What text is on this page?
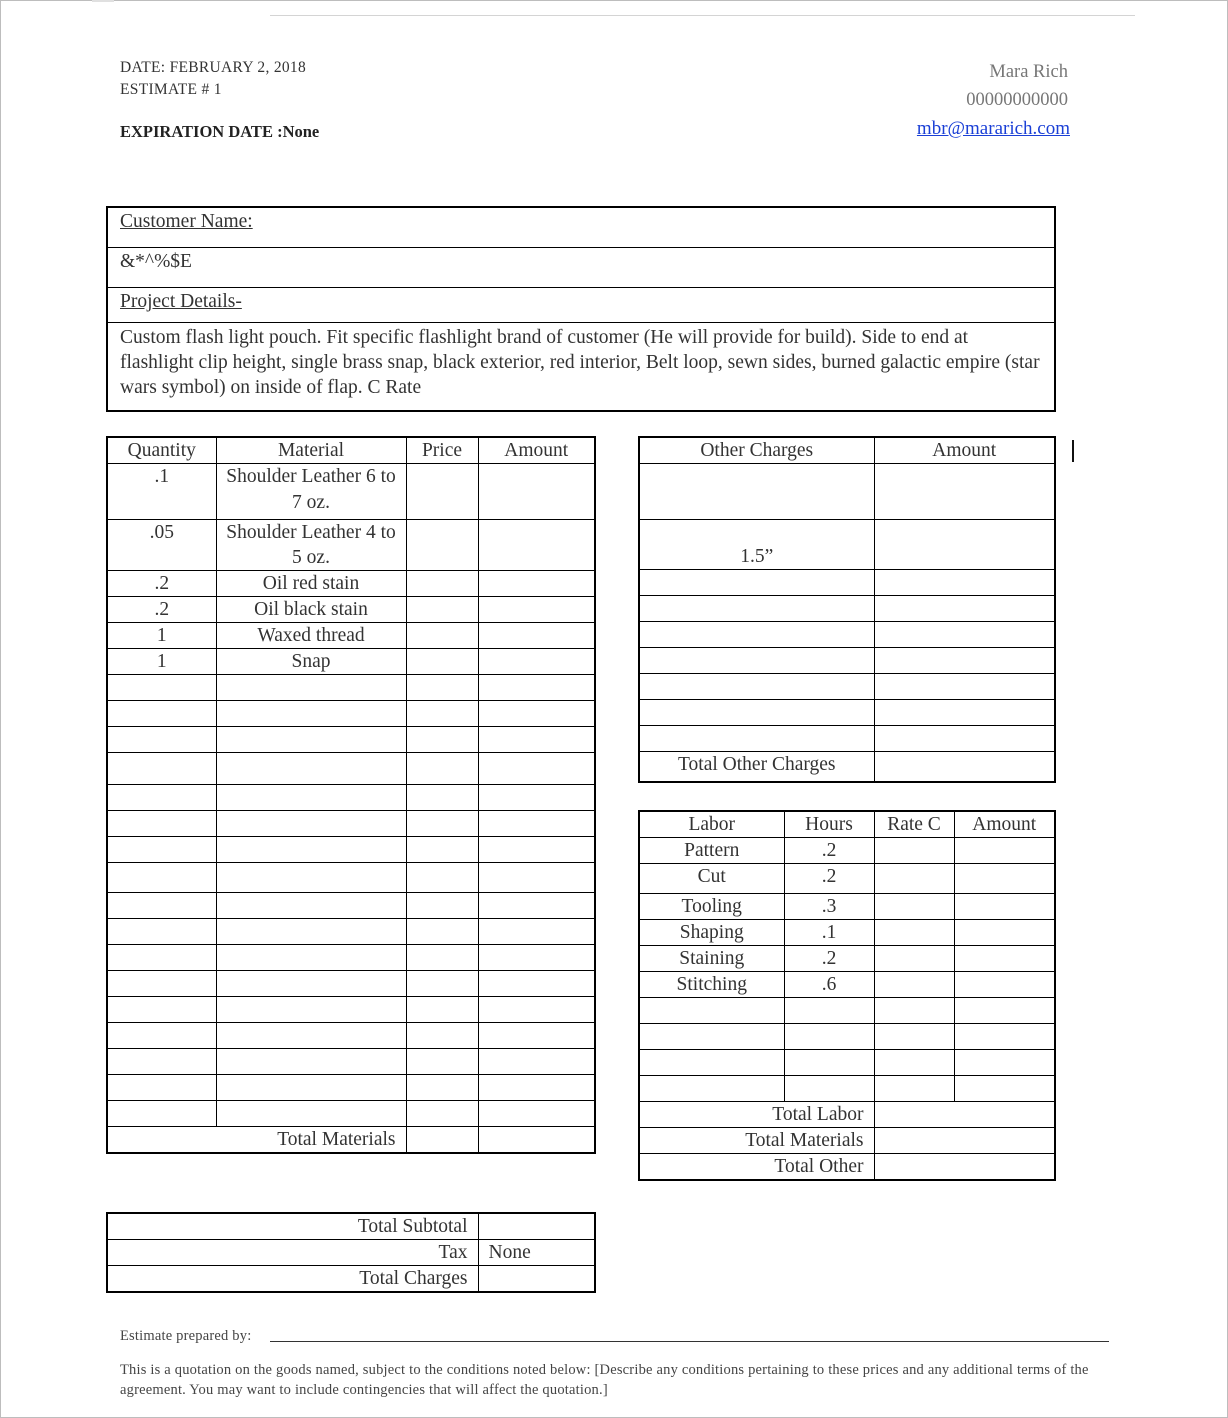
DATE: FEBRUARY 2, 2018
ESTIMATE # 1
EXPIRATION DATE :None
Mara Rich
00000000000
mbr@mararich.com
Customer Name:
&*^%$E
Project Details-
Custom flash light pouch. Fit specific flashlight brand of customer (He will provide for build). Side to end at flashlight clip height, single brass snap, black exterior, red interior, Belt loop, sewn sides, burned galactic empire (star wars symbol) on inside of flap. C Rate
Quantity	Material	Price	Amount
.1	Shoulder Leather 6 to 7 oz.		
.05	Shoulder Leather 4 to 5 oz.		
.2	Oil red stain		
.2	Oil black stain		
1	Waxed thread		
1	Snap		

Total Materials			
Other Charges	Amount

1.5”	

Total Other Charges	
Labor	Hours	Rate C	Amount
Pattern	.2		
Cut	.2		
Tooling	.3		
Shaping	.1		
Staining	.2		
Stitching	.6		

Total Labor			
Total Materials			
Total Other			
Total Subtotal	
Tax	None
Total Charges	
Estimate prepared by:
This is a quotation on the goods named, subject to the conditions noted below: [Describe any conditions pertaining to these prices and any additional terms of the agreement. You may want to include contingencies that will affect the quotation.]
